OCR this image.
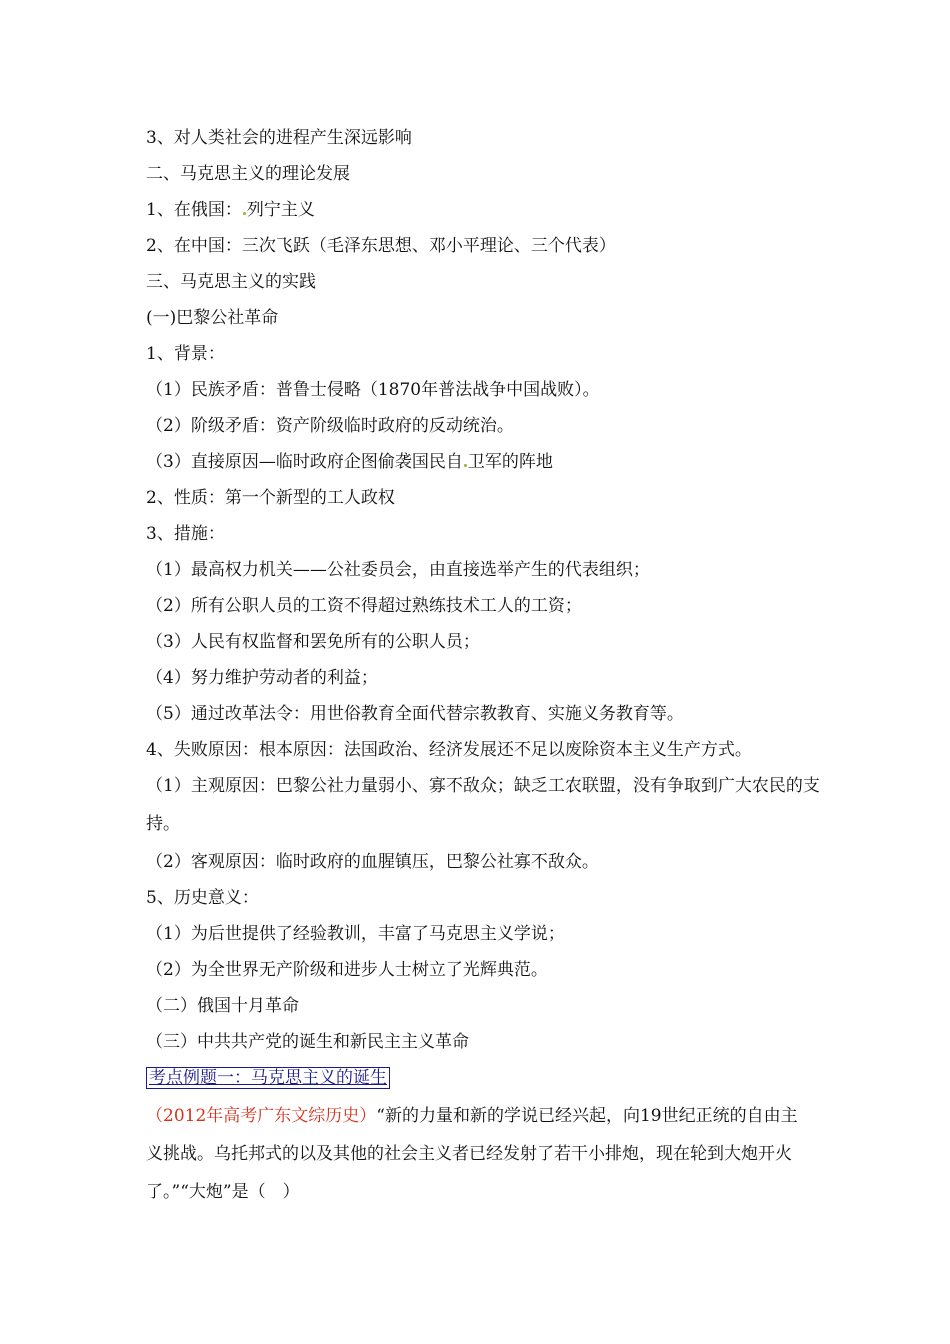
3、对人类社会的进程产生深远影响
二、马克思主义的理论发展
1、在俄国： 列宁主义
2、在中国：三次飞跃（毛泽东思想、邓小平理论、三个代表）
三、马克思主义的实践
(一)巴黎公社革命
1、背景：
（1）民族矛盾：普鲁士侵略（1870年普法战争中国战败）。
（2）阶级矛盾：资产阶级临时政府的反动统治。
（3）直接原因—临时政府企图偷袭国民自 卫军的阵地
2、性质：第一个新型的工人政权
3、措施：
（1）最高权力机关——公社委员会，由直接选举产生的代表组织；
（2）所有公职人员的工资不得超过熟练技术工人的工资；
（3）人民有权监督和罢免所有的公职人员；
（4）努力维护劳动者的利益；
（5）通过改革法令：用世俗教育全面代替宗教教育、实施义务教育等。
4、失败原因：根本原因：法国政治、经济发展还不足以废除资本主义生产方式。
（1）主观原因：巴黎公社力量弱小、寡不敌众；缺乏工农联盟，没有争取到广大农民的支
持。
（2）客观原因：临时政府的血腥镇压，巴黎公社寡不敌众。
5、历史意义：
（1）为后世提供了经验教训，丰富了马克思主义学说；
（2）为全世界无产阶级和进步人士树立了光辉典范。
（二）俄国十月革命
（三）中共共产党的诞生和新民主主义革命
考点例题一：马克思主义的诞生
（2012年高考广东文综历史）“新的力量和新的学说已经兴起，向19世纪正统的自由主
义挑战。乌托邦式的以及其他的社会主义者已经发射了若干小排炮，现在轮到大炮开火
了。”“大炮”是（　）
